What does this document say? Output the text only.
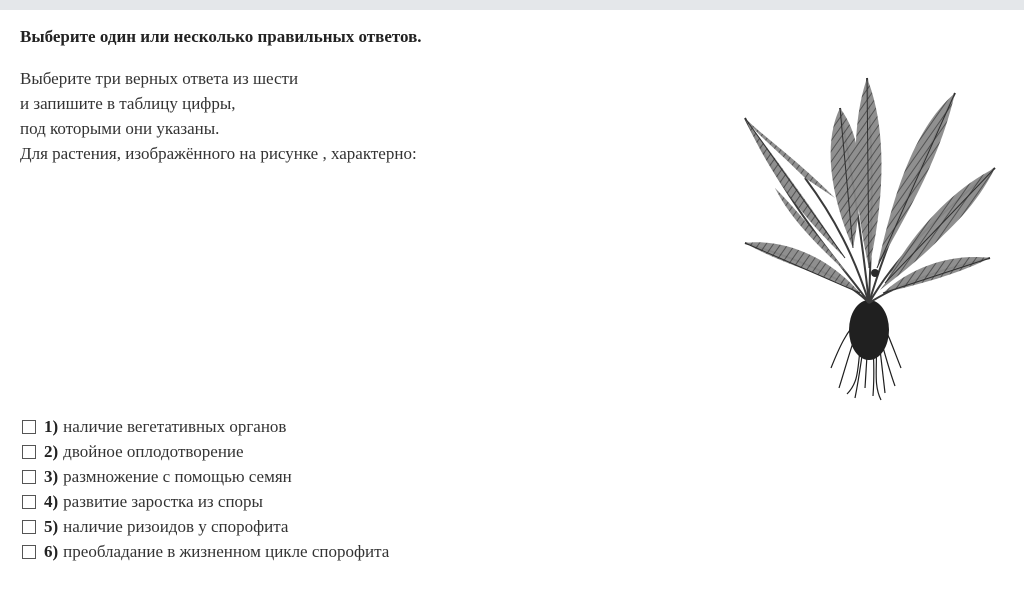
Выберите один или несколько правильных ответов.
Выберите три верных ответа из шести
и запишите в таблицу цифры,
под которыми они указаны.
Для растения, изображённого на рисунке , характерно:
1) наличие вегетативных органов
2) двойное оплодотворение
3) размножение с помощью семян
4) развитие заростка из споры
5) наличие ризоидов у спорофита
6) преобладание в жизненном цикле спорофита
